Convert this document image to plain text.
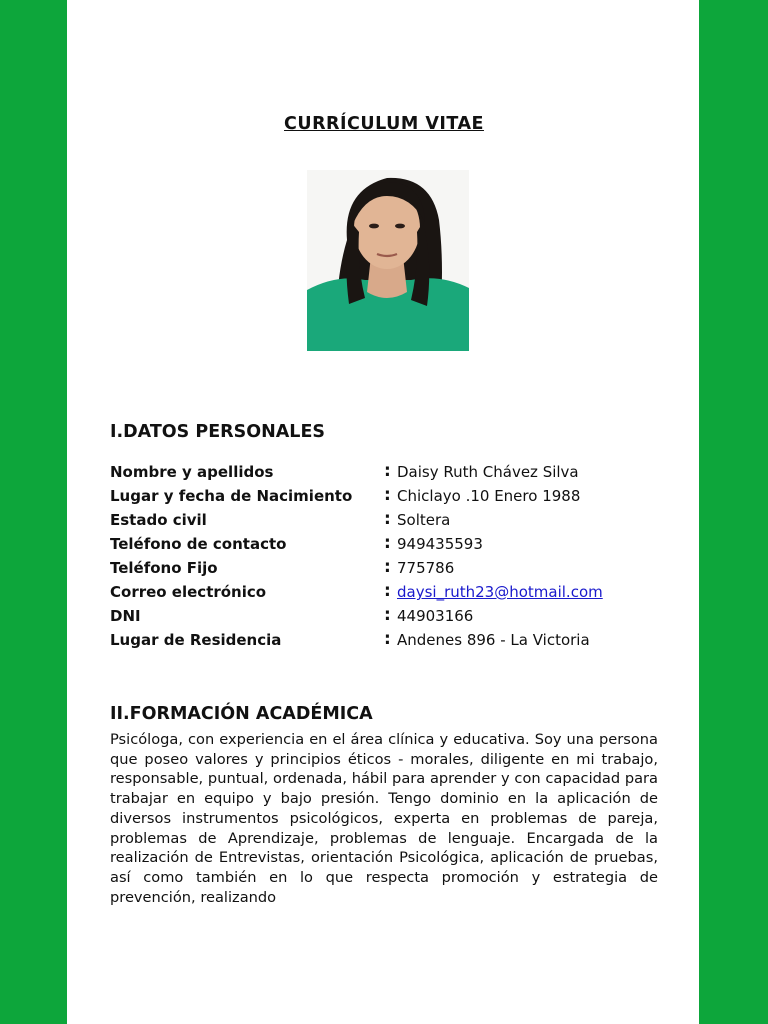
CURRÍCULUM VITAE
I.DATOS PERSONALES
Nombre y apellidos	: Daisy Ruth Chávez Silva
Lugar y fecha de Nacimiento : Chiclayo .10 Enero 1988
Estado civil	: Soltera
Teléfono de contacto	: 949435593
Teléfono Fijo	: 775786
Correo electrónico	: daysi_ruth23@hotmail.com
DNI	: 44903166
Lugar de Residencia	: Andenes 896 - La Victoria
II.FORMACIÓN ACADÉMICA
Psicóloga, con experiencia en el área clínica y educativa. Soy una persona que poseo valores y principios éticos - morales, diligente en mi trabajo, responsable, puntual, ordenada, hábil para aprender y con capacidad para trabajar en equipo y bajo presión. Tengo dominio en la aplicación de diversos instrumentos psicológicos, experta en problemas de pareja, problemas de Aprendizaje, problemas de lenguaje. Encargada de la realización de Entrevistas, orientación Psicológica, aplicación de pruebas, así como también en lo que respecta promoción y estrategia de prevención, realizando
